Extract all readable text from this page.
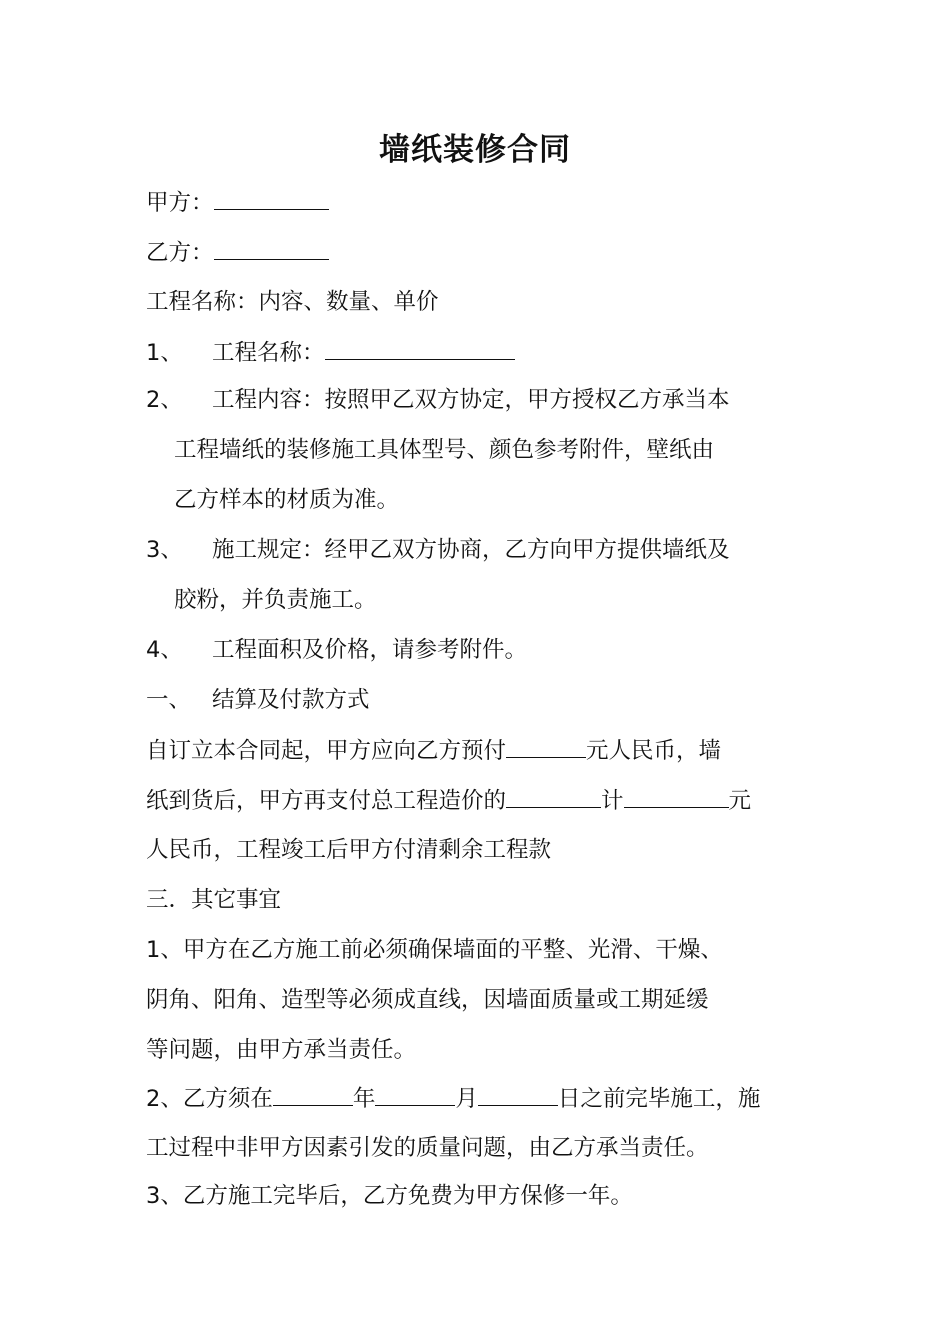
墙纸装修合同
甲方：
乙方：
工程名称：内容、数量、单价
1、 工程名称：
2、 工程内容：按照甲乙双方协定，甲方授权乙方承当本
工程墙纸的装修施工具体型号、颜色参考附件，壁纸由
乙方样本的材质为准。
3、 施工规定：经甲乙双方协商，乙方向甲方提供墙纸及
胶粉，并负责施工。
4、 工程面积及价格，请参考附件。
一、 结算及付款方式
自订立本合同起，甲方应向乙方预付	元人民币，墙
纸到货后，甲方再支付总工程造价的	计	元
人民币，工程竣工后甲方付清剩余工程款
三．其它事宜
1、甲方在乙方施工前必须确保墙面的平整、光滑、干燥、
阴角、阳角、造型等必须成直线，因墙面质量或工期延缓
等问题，由甲方承当责任。
2、乙方须在	年	月	日之前完毕施工，施
工过程中非甲方因素引发的质量问题，由乙方承当责任。
3、乙方施工完毕后，乙方免费为甲方保修一年。
